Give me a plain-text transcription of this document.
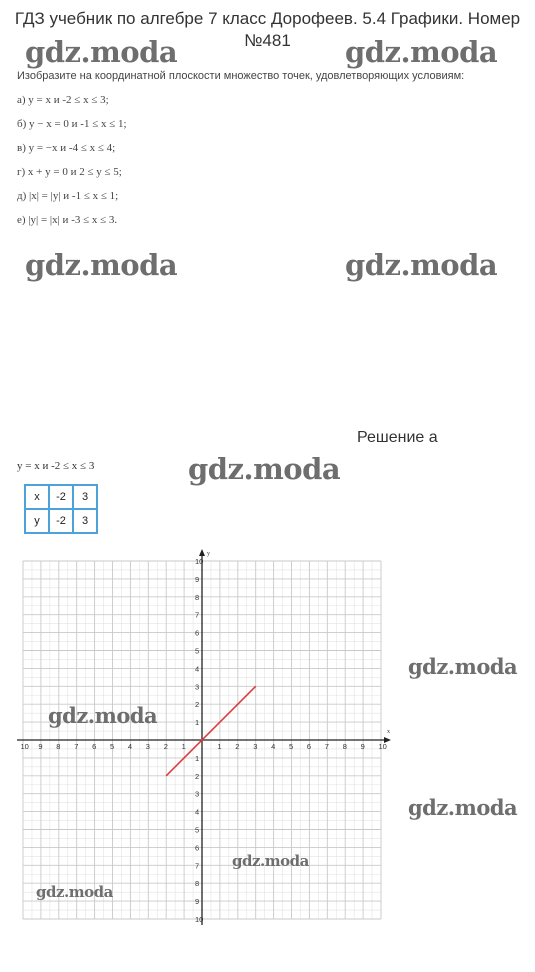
ГДЗ учебник по алгебре 7 класс Дорофеев. 5.4 Графики. Номер №481
gdz.moda	gdz.moda
Изобразите на координатной плоскости множество точек, удовлетворяющих условиям:
а) y = x и -2 ≤ x ≤ 3;
б) y − x = 0 и -1 ≤ x ≤ 1;
в) y = −x и -4 ≤ x ≤ 4;
г) x + y = 0 и 2 ≤ y ≤ 5;
д) |x| = |y| и -1 ≤ x ≤ 1;
е) |y| = |x| и -3 ≤ x ≤ 3.
gdz.moda	gdz.moda
Решение а
y = x и -2 ≤ x ≤ 3	gdz.moda
x	-2	3
y	-2	3
x
y
10 9 8 7 6 5 4 3 2 1	1 2 3 4 5 6 7 8 9 10
10
9
8
7
6
5
4
3
2
1
1
2
3
4
5
6
7
8
9
10
gdz.moda
gdz.moda
gdz.moda
gdz.moda
gdz.moda
